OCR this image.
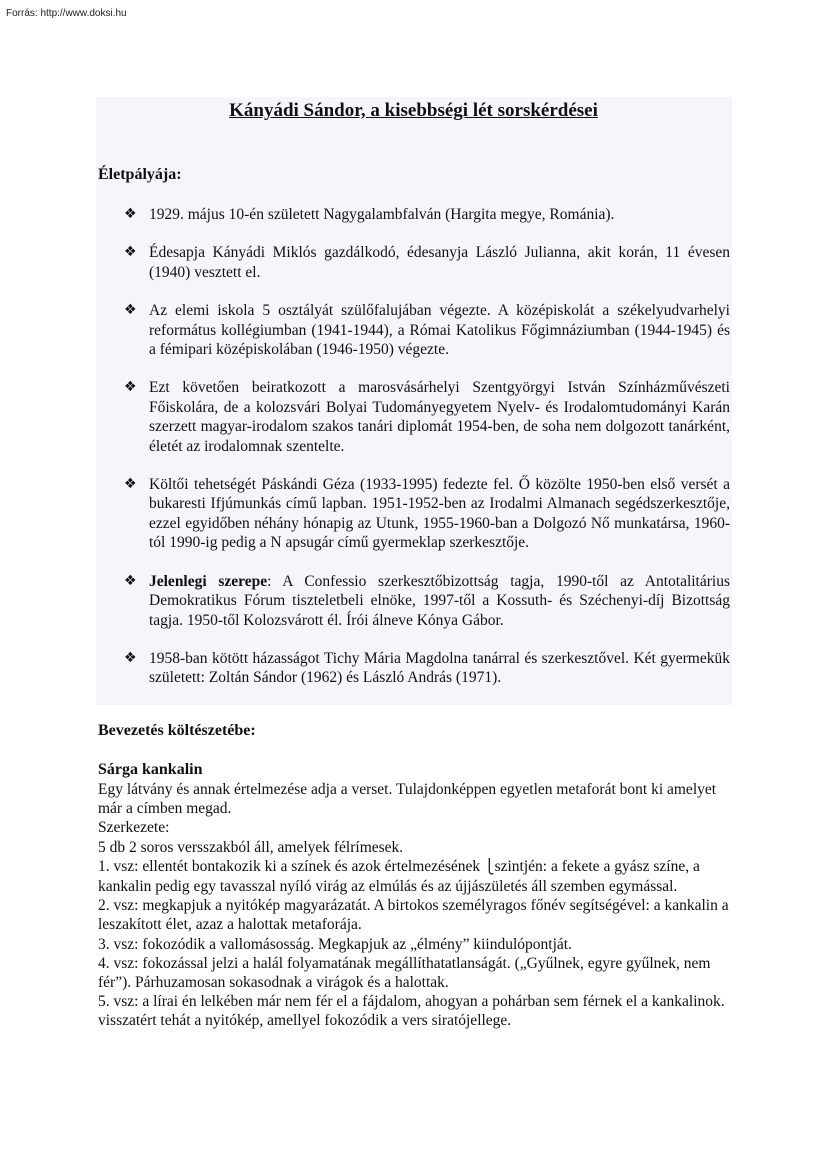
Forrás: http://www.doksi.hu
Kányádi Sándor, a kisebbségi lét sorskérdései
Életpályája:
❖ 1929. május 10-én született Nagygalambfalván (Hargita megye, Románia).
❖ Édesapja Kányádi Miklós gazdálkodó, édesanyja László Julianna, akit korán, 11 évesen (1940) vesztett el.
❖ Az elemi iskola 5 osztályát szülőfalujában végezte. A középiskolát a székelyudvarhelyi református kollégiumban (1941-1944), a Római Katolikus Főgimnáziumban (1944-1945) és a fémipari középiskolában (1946-1950) végezte.
❖ Ezt követően beiratkozott a marosvásárhelyi Szentgyörgyi István Színházművészeti Főiskolára, de a kolozsvári Bolyai Tudományegyetem Nyelv- és Irodalomtudományi Karán szerzett magyar-irodalom szakos tanári diplomát 1954-ben, de soha nem dolgozott tanárként, életét az irodalomnak szentelte.
❖ Költői tehetségét Páskándi Géza (1933-1995) fedezte fel. Ő közölte 1950-ben első versét a bukaresti Ifjúmunkás című lapban. 1951-1952-ben az Irodalmi Almanach segédszerkesztője, ezzel egyidőben néhány hónapig az Utunk, 1955-1960-ban a Dolgozó Nő munkatársa, 1960-tól 1990-ig pedig a N apsugár című gyermeklap szerkesztője.
❖ Jelenlegi szerepe: A Confessio szerkesztőbizottság tagja, 1990-től az Antotalitárius Demokratikus Fórum tiszteletbeli elnöke, 1997-től a Kossuth- és Széchenyi-díj Bizottság tagja. 1950-től Kolozsvárott él. Írói álneve Kónya Gábor.
❖ 1958-ban kötött házasságot Tichy Mária Magdolna tanárral és szerkesztővel. Két gyermekük született: Zoltán Sándor (1962) és László András (1971).
Bevezetés költészetébe:
Sárga kankalin

Egy látvány és annak értelmezése adja a verset. Tulajdonképpen egyetlen metaforát bont ki amelyet már a címben megad.

Szerkezete:

5 db 2 soros versszakból áll, amelyek félrímesek.

1. vsz: ellentét bontakozik ki a színek és azok értelmezésének ⎩szintjén: a fekete a gyász színe, a kankalin pedig egy tavasszal nyíló virág az elmúlás és az újjászületés áll szemben egymással.

2. vsz: megkapjuk a nyitókép magyarázatát. A birtokos személyragos főnév segítségével: a kankalin a leszakított élet, azaz a halottak metaforája.

3. vsz: fokozódik a vallomásosság. Megkapjuk az „élmény” kiindulópontját.

4. vsz: fokozással jelzi a halál folyamatának megállíthatatlanságát. („Gyűlnek, egyre gyűlnek, nem fér”). Párhuzamosan sokasodnak a virágok és a halottak.

5. vsz: a lírai én lelkében már nem fér el a fájdalom, ahogyan a pohárban sem férnek el a kankalinok. visszatért tehát a nyitókép, amellyel fokozódik a vers siratójellege.
